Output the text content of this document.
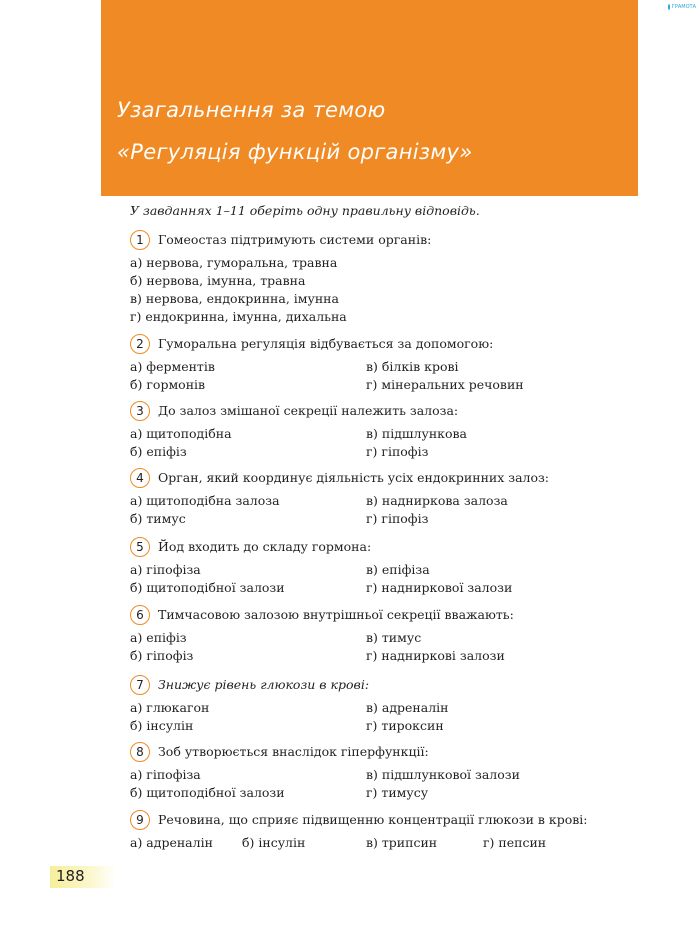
Узагальнення за темою
«Регуляція функцій організму»
ГРАМОТА
У завданнях 1–11 оберіть одну правильну відповідь.
1	Гомеостаз підтримують системи органів:
а) нервова, гуморальна, травна
б) нервова, імунна, травна
в) нервова, ендокринна, імунна
г) ендокринна, імунна, дихальна
2	Гуморальна регуляція відбувається за допомогою:
а) ферментів	в) білків крові
б) гормонів	г) мінеральних речовин
3	До залоз змішаної секреції належить залоза:
а) щитоподібна	в) підшлункова
б) епіфіз	г) гіпофіз
4	Орган, який координує діяльність усіх ендокринних залоз:
а) щитоподібна залоза	в) наднирковa залоза
б) тимус	г) гіпофіз
5	Йод входить до складу гормона:
а) гіпофіза	в) епіфіза
б) щитоподібної залози	г) надниркової залози
6	Тимчасовою залозою внутрішньої секреції вважають:
а) епіфіз	в) тимус
б) гіпофіз	г) надниркові залози
7	Знижує рівень глюкози в крові:
а) глюкагон	в) адреналін
б) інсулін	г) тироксин
8	Зоб утворюється внаслідок гіперфункції:
а) гіпофіза	в) підшлункової залози
б) щитоподібної залози	г) тимусу
9	Речовина, що сприяє підвищенню концентрації глюкози в крові:
а) адреналін	б) інсулін	в) трипсин	г) пепсин
188
